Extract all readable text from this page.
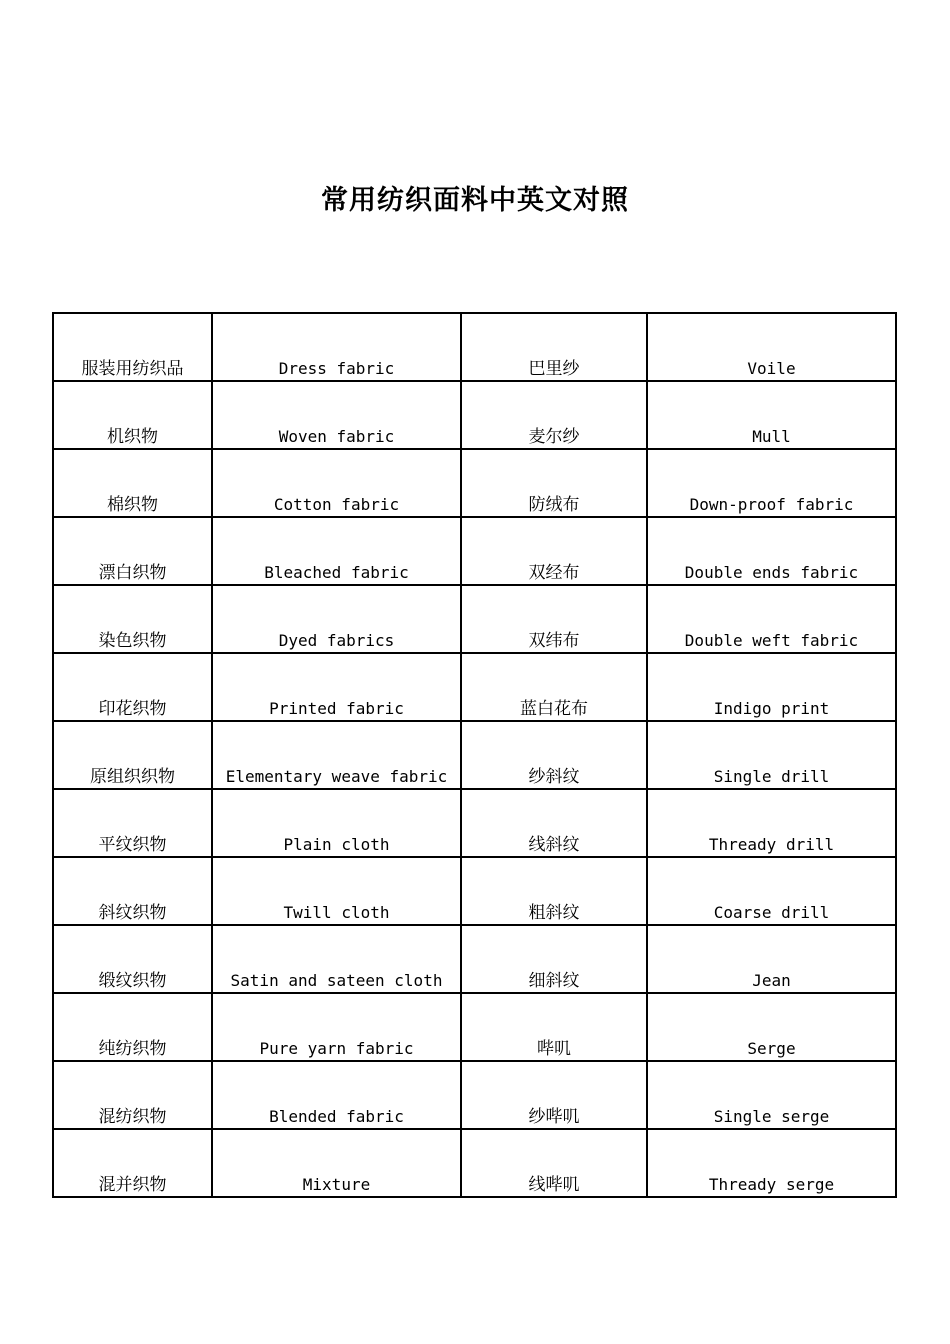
常用纺织面料中英文对照
服装用纺织品	Dress fabric	巴里纱	Voile
机织物	Woven fabric	麦尔纱	Mull
棉织物	Cotton fabric	防绒布	Down-proof fabric
漂白织物	Bleached fabric	双经布	Double ends fabric
染色织物	Dyed fabrics	双纬布	Double weft fabric
印花织物	Printed fabric	蓝白花布	Indigo print
原组织织物	Elementary weave fabric	纱斜纹	Single drill
平纹织物	Plain cloth	线斜纹	Thready drill
斜纹织物	Twill cloth	粗斜纹	Coarse drill
缎纹织物	Satin and sateen cloth	细斜纹	Jean
纯纺织物	Pure yarn fabric	哔叽	Serge
混纺织物	Blended fabric	纱哔叽	Single serge
混并织物	Mixture	线哔叽	Thready serge
